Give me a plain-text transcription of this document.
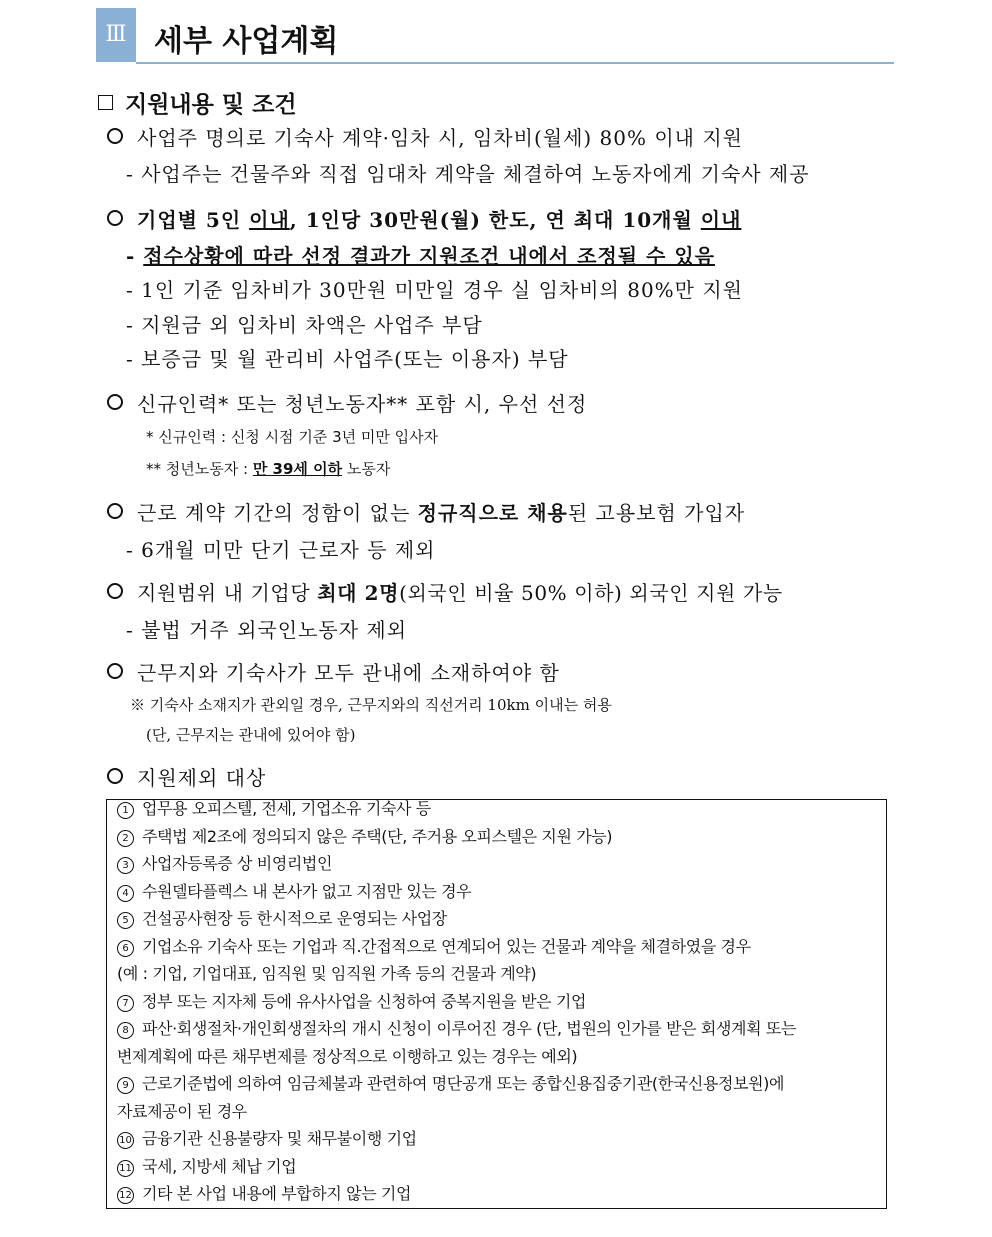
Ⅲ 세부 사업계획
지원내용 및 조건
사업주 명의로 기숙사 계약·임차 시, 임차비(월세) 80% 이내 지원
- 사업주는 건물주와 직접 임대차 계약을 체결하여 노동자에게 기숙사 제공
기업별 5인 이내, 1인당 30만원(월) 한도, 연 최대 10개월 이내
- 접수상황에 따라 선정 결과가 지원조건 내에서 조정될 수 있음
- 1인 기준 임차비가 30만원 미만일 경우 실 임차비의 80%만 지원
- 지원금 외 임차비 차액은 사업주 부담
- 보증금 및 월 관리비 사업주(또는 이용자) 부담
신규인력* 또는 청년노동자** 포함 시, 우선 선정
* 신규인력 : 신청 시점 기준 3년 미만 입사자
** 청년노동자 : 만 39세 이하 노동자
근로 계약 기간의 정함이 없는 정규직으로 채용된 고용보험 가입자
- 6개월 미만 단기 근로자 등 제외
지원범위 내 기업당 최대 2명(외국인 비율 50% 이하) 외국인 지원 가능
- 불법 거주 외국인노동자 제외
근무지와 기숙사가 모두 관내에 소재하여야 함
※ 기숙사 소재지가 관외일 경우, 근무지와의 직선거리 10km 이내는 허용
(단, 근무지는 관내에 있어야 함)
지원제외 대상
1 업무용 오피스텔, 전세, 기업소유 기숙사 등
2 주택법 제2조에 정의되지 않은 주택(단, 주거용 오피스텔은 지원 가능)
3 사업자등록증 상 비영리법인
4 수원델타플렉스 내 본사가 없고 지점만 있는 경우
5 건설공사현장 등 한시적으로 운영되는 사업장
6 기업소유 기숙사 또는 기업과 직.간접적으로 연계되어 있는 건물과 계약을 체결하였을 경우
(예 : 기업, 기업대표, 임직원 및 임직원 가족 등의 건물과 계약)
7 정부 또는 지자체 등에 유사사업을 신청하여 중복지원을 받은 기업
8 파산·회생절차·개인회생절차의 개시 신청이 이루어진 경우 (단, 법원의 인가를 받은 회생계획 또는
변제계획에 따른 채무변제를 정상적으로 이행하고 있는 경우는 예외)
9 근로기준법에 의하여 임금체불과 관련하여 명단공개 또는 종합신용집중기관(한국신용정보원)에
자료제공이 된 경우
10 금융기관 신용불량자 및 채무불이행 기업
11 국세, 지방세 체납 기업
12 기타 본 사업 내용에 부합하지 않는 기업
